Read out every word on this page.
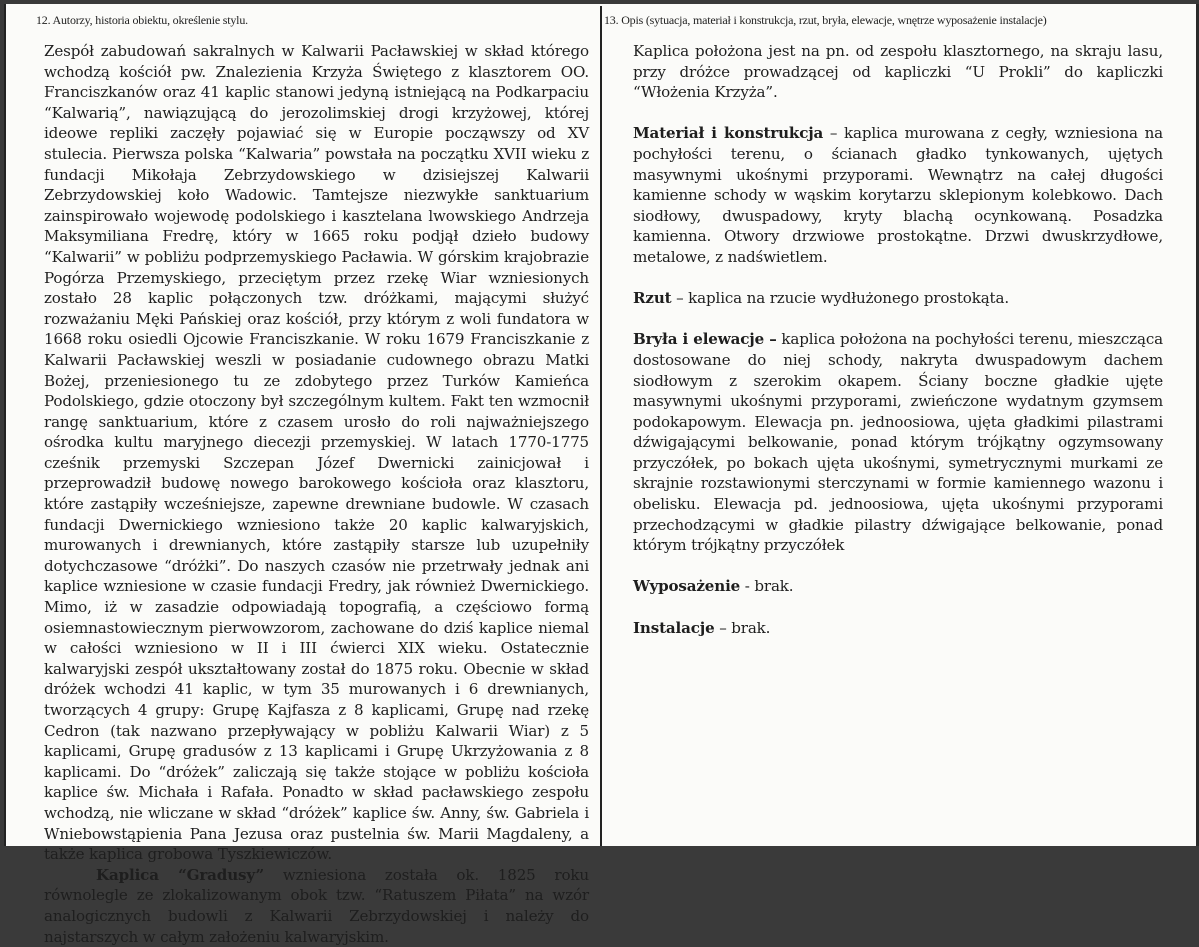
12. Autorzy, historia obiektu, określenie stylu.

Zespół zabudowań sakralnych w Kalwarii Pacławskiej w skład którego wchodzą kościół pw. Znalezienia Krzyża Świętego z klasztorem OO. Franciszkanów oraz 41 kaplic stanowi jedyną istniejącą na Podkarpaciu “Kalwarią”, nawiązującą do jerozolimskiej drogi krzyżowej, której ideowe repliki zaczęły pojawiać się w Europie począwszy od XV stulecia. Pierwsza polska “Kalwaria” powstała na początku XVII wieku z fundacji Mikołaja Zebrzydowskiego w dzisiejszej Kalwarii Zebrzydowskiej koło Wadowic. Tamtejsze niezwykłe sanktuarium zainspirowało wojewodę podolskiego i kasztelana lwowskiego Andrzeja Maksymiliana Fredrę, który w 1665 roku podjął dzieło budowy “Kalwarii” w pobliżu podprzemyskiego Pacławia. W górskim krajobrazie Pogórza Przemyskiego, przeciętym przez rzekę Wiar wzniesionych zostało 28 kaplic połączonych tzw. dróżkami, mającymi służyć rozważaniu Męki Pańskiej oraz kościół, przy którym z woli fundatora w 1668 roku osiedli Ojcowie Franciszkanie. W roku 1679 Franciszkanie z Kalwarii Pacławskiej weszli w posiadanie cudownego obrazu Matki Bożej, przeniesionego tu ze zdobytego przez Turków Kamieńca Podolskiego, gdzie otoczony był szczególnym kultem. Fakt ten wzmocnił rangę sanktuarium, które z czasem urosło do roli najważniejszego ośrodka kultu maryjnego diecezji przemyskiej. W latach 1770-1775 cześnik przemyski Szczepan Józef Dwernicki zainicjował i przeprowadził budowę nowego barokowego kościoła oraz klasztoru, które zastąpiły wcześniejsze, zapewne drewniane budowle. W czasach fundacji Dwernickiego wzniesiono także 20 kaplic kalwaryjskich, murowanych i drewnianych, które zastąpiły starsze lub uzupełniły dotychczasowe “dróżki”. Do naszych czasów nie przetrwały jednak ani kaplice wzniesione w czasie fundacji Fredry, jak również Dwernickiego. Mimo, iż w zasadzie odpowiadają topografią, a częściowo formą osiemnastowiecznym pierwowzorom, zachowane do dziś kaplice niemal w całości wzniesiono w II i III ćwierci XIX wieku. Ostatecznie kalwaryjski zespół ukształtowany został do 1875 roku. Obecnie w skład dróżek wchodzi 41 kaplic, w tym 35 murowanych i 6 drewnianych, tworzących 4 grupy: Grupę Kajfasza z 8 kaplicami, Grupę nad rzekę Cedron (tak nazwano przepływający w pobliżu Kalwarii Wiar) z 5 kaplicami, Grupę gradusów z 13 kaplicami i Grupę Ukrzyżowania z 8 kaplicami. Do “dróżek” zaliczają się także stojące w pobliżu kościoła kaplice św. Michała i Rafała. Ponadto w skład pacławskiego zespołu wchodzą, nie wliczane w skład “dróżek” kaplice św. Anny, św. Gabriela i Wniebowstąpienia Pana Jezusa oraz pustelnia św. Marii Magdaleny, a także kaplica grobowa Tyszkiewiczów.

Kaplica “Gradusy” wzniesiona została ok. 1825 roku równolegle ze zlokalizowanym obok tzw. “Ratuszem Piłata” na wzór analogicznych budowli z Kalwarii Zebrzydowskiej i należy do najstarszych w całym założeniu kalwaryjskim.

13. Opis (sytuacja, materiał i konstrukcja, rzut, bryła, elewacje, wnętrze wyposażenie instalacje)

Kaplica położona jest na pn. od zespołu klasztornego, na skraju lasu, przy dróżce prowadzącej od kapliczki “U Prokli” do kapliczki “Włożenia Krzyża”.

Materiał i konstrukcja – kaplica murowana z cegły, wzniesiona na pochyłości terenu, o ścianach gładko tynkowanych, ujętych masywnymi ukośnymi przyporami. Wewnątrz na całej długości kamienne schody w wąskim korytarzu sklepionym kolebkowo. Dach siodłowy, dwuspadowy, kryty blachą ocynkowaną. Posadzka kamienna. Otwory drzwiowe prostokątne. Drzwi dwuskrzydłowe, metalowe, z nadświetlem.

Rzut – kaplica na rzucie wydłużonego prostokąta.

Bryła i elewacje – kaplica położona na pochyłości terenu, mieszcząca dostosowane do niej schody, nakryta dwuspadowym dachem siodłowym z szerokim okapem. Ściany boczne gładkie ujęte masywnymi ukośnymi przyporami, zwieńczone wydatnym gzymsem podokapowym. Elewacja pn. jednoosiowa, ujęta gładkimi pilastrami dźwigającymi belkowanie, ponad którym trójkątny ogzymsowany przyczółek, po bokach ujęta ukośnymi, symetrycznymi murkami ze skrajnie rozstawionymi sterczynami w formie kamiennego wazonu i obelisku. Elewacja pd. jednoosiowa, ujęta ukośnymi przyporami przechodzącymi w gładkie pilastry dźwigające belkowanie, ponad którym trójkątny przyczółek

Wyposażenie - brak.

Instalacje – brak.
